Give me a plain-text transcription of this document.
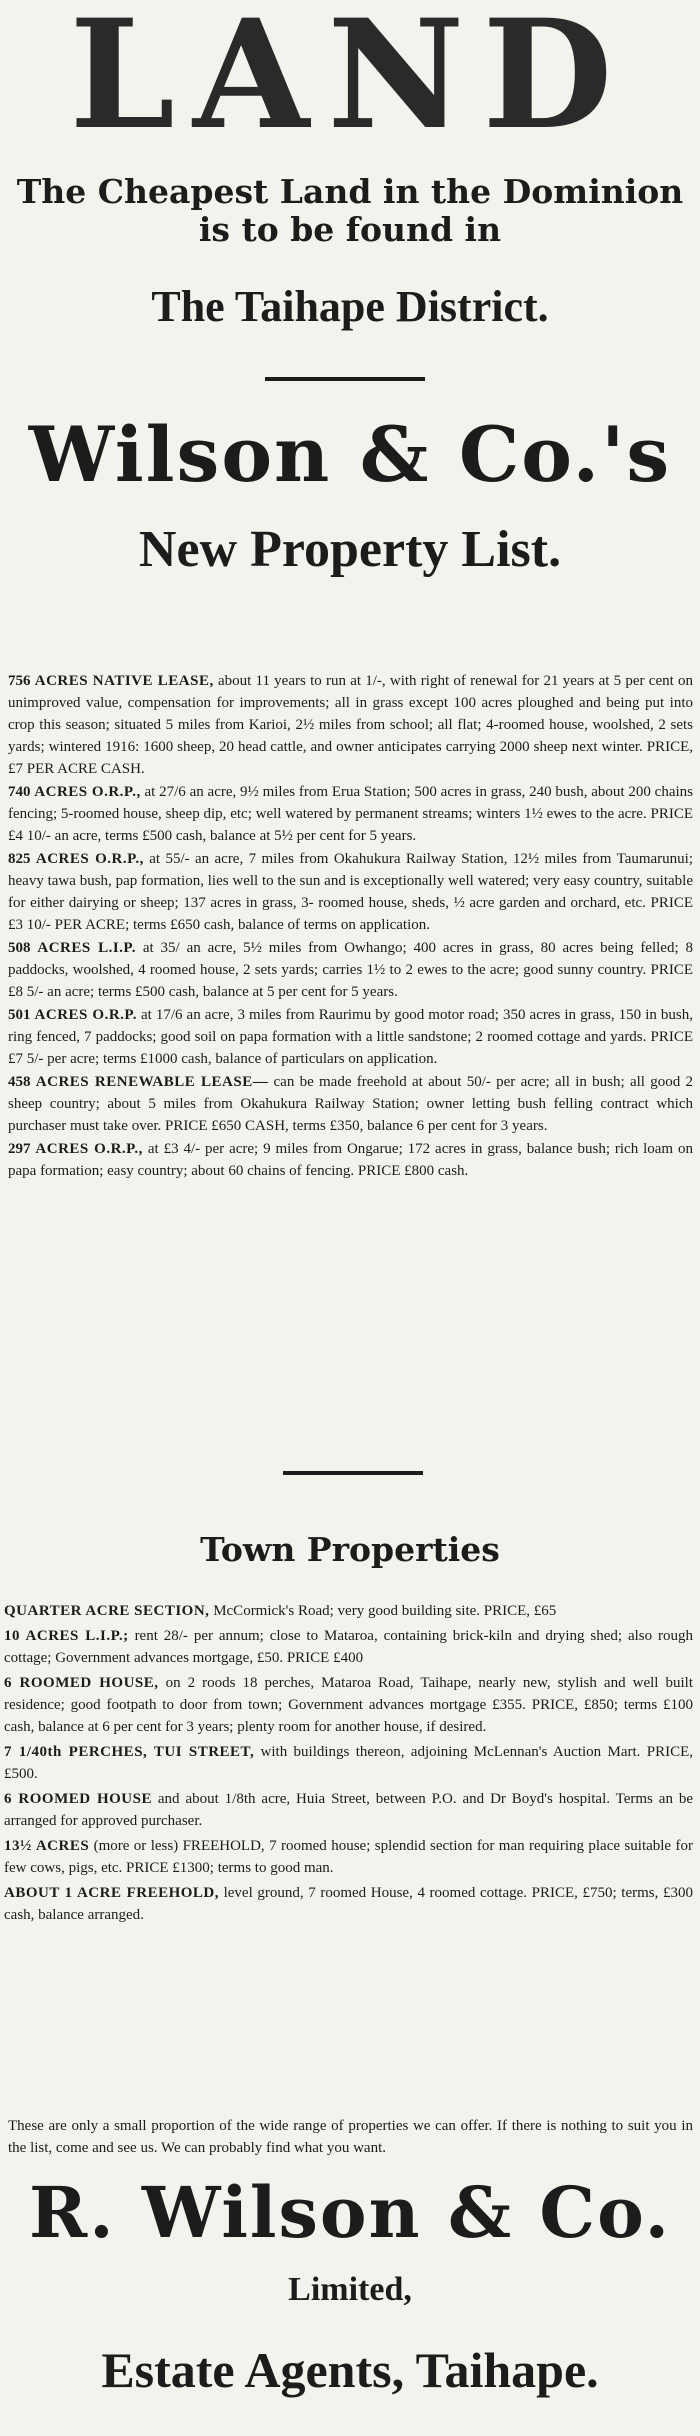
LAND
The Cheapest Land in the Dominion
is to be found in
The Taihape District.
Wilson & Co.'s
New Property List.

756 ACRES NATIVE LEASE, about 11 years to run at 1/-, with right of renewal for 21 years at 5 per cent on unimproved value, compensation for improvements; all in grass except 100 acres ploughed and being put into crop this season; situated 5 miles from Karioi, 2½ miles from school; all flat; 4-roomed house, woolshed, 2 sets yards; wintered 1916: 1600 sheep, 20 head cattle, and owner anticipates carrying 2000 sheep next winter. PRICE, £7 PER ACRE CASH.

740 ACRES O.R.P., at 27/6 an acre, 9½ miles from Erua Station; 500 acres in grass, 240 bush, about 200 chains fencing; 5-roomed house, sheep dip, etc; well watered by permanent streams; winters 1½ ewes to the acre. PRICE £4 10/- an acre, terms £500 cash, balance at 5½ per cent for 5 years.

825 ACRES O.R.P., at 55/- an acre, 7 miles from Okahukura Railway Station, 12½ miles from Taumarunui; heavy tawa bush, pap formation, lies well to the sun and is exceptionally well watered; very easy country, suitable for either dairying or sheep; 137 acres in grass, 3- roomed house, sheds, ½ acre garden and orchard, etc. PRICE £3 10/- PER ACRE; terms £650 cash, balance of terms on application.

508 ACRES L.I.P. at 35/ an acre, 5½ miles from Owhango; 400 acres in grass, 80 acres being felled; 8 paddocks, woolshed, 4 roomed house, 2 sets yards; carries 1½ to 2 ewes to the acre; good sunny country. PRICE £8 5/- an acre; terms £500 cash, balance at 5 per cent for 5 years.

501 ACRES O.R.P. at 17/6 an acre, 3 miles from Raurimu by good motor road; 350 acres in grass, 150 in bush, ring fenced, 7 paddocks; good soil on papa formation with a little sandstone; 2 roomed cottage and yards. PRICE £7 5/- per acre; terms £1000 cash, balance of particulars on application.

458 ACRES RENEWABLE LEASE— can be made freehold at about 50/- per acre; all in bush; all good 2 sheep country; about 5 miles from Okahukura Railway Station; owner letting bush felling contract which purchaser must take over. PRICE £650 CASH, terms £350, balance 6 per cent for 3 years.

297 ACRES O.R.P., at £3 4/- per acre; 9 miles from Ongarue; 172 acres in grass, balance bush; rich loam on papa formation; easy country; about 60 chains of fencing. PRICE £800 cash.

Town Properties

QUARTER ACRE SECTION, McCormick's Road; very good building site. PRICE, £65

10 ACRES L.I.P.; rent 28/- per annum; close to Mataroa, containing brick-kiln and drying shed; also rough cottage; Government advances mortgage, £50. PRICE £400

6 ROOMED HOUSE, on 2 roods 18 perches, Mataroa Road, Taihape, nearly new, stylish and well built residence; good footpath to door from town; Government advances mortgage £355. PRICE, £850; terms £100 cash, balance at 6 per cent for 3 years; plenty room for another house, if desired.

7 1/40th PERCHES, TUI STREET, with buildings thereon, adjoining McLennan's Auction Mart. PRICE, £500.

6 ROOMED HOUSE and about 1/8th acre, Huia Street, between P.O. and Dr Boyd's hospital. Terms an be arranged for approved purchaser.

13½ ACRES (more or less) FREEHOLD, 7 roomed house; splendid section for man requiring place suitable for few cows, pigs, etc. PRICE £1300; terms to good man.

ABOUT 1 ACRE FREEHOLD, level ground, 7 roomed House, 4 roomed cottage. PRICE, £750; terms, £300 cash, balance arranged.

These are only a small proportion of the wide range of properties we can offer. If there is nothing to suit you in the list, come and see us. We can probably find what you want.

R. Wilson & Co.
Limited,
Estate Agents, Taihape.
